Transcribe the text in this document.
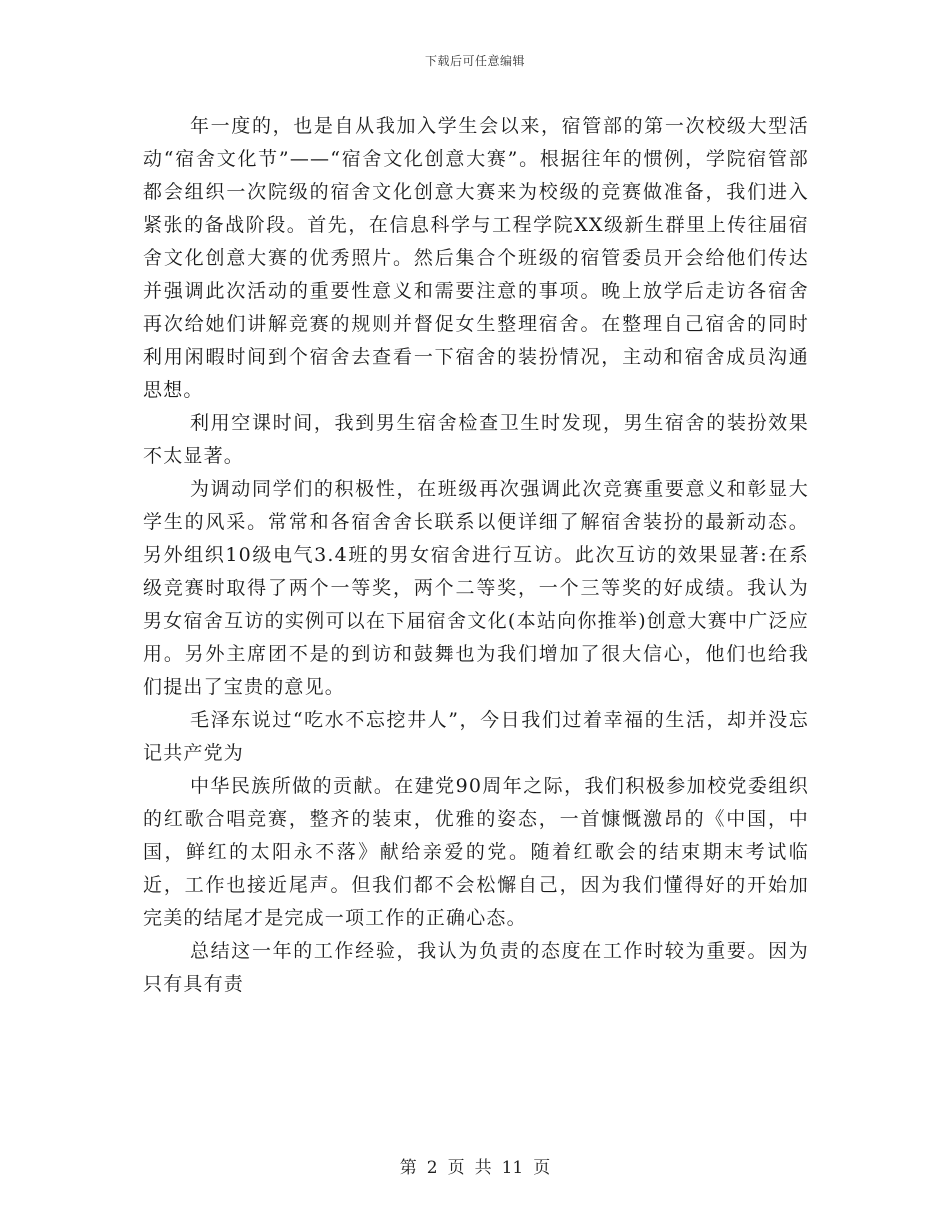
下载后可任意编辑

年一度的，也是自从我加入学生会以来，宿管部的第一次校级大型活动“宿舍文化节”——“宿舍文化创意大赛”。根据往年的惯例，学院宿管部都会组织一次院级的宿舍文化创意大赛来为校级的竞赛做准备，我们进入紧张的备战阶段。首先，在信息科学与工程学院XX级新生群里上传往届宿舍文化创意大赛的优秀照片。然后集合个班级的宿管委员开会给他们传达并强调此次活动的重要性意义和需要注意的事项。晚上放学后走访各宿舍再次给她们讲解竞赛的规则并督促女生整理宿舍。在整理自己宿舍的同时利用闲暇时间到个宿舍去查看一下宿舍的装扮情况，主动和宿舍成员沟通思想。

利用空课时间，我到男生宿舍检查卫生时发现，男生宿舍的装扮效果不太显著。

为调动同学们的积极性，在班级再次强调此次竞赛重要意义和彰显大学生的风采。常常和各宿舍舍长联系以便详细了解宿舍装扮的最新动态。另外组织10级电气3.4班的男女宿舍进行互访。此次互访的效果显著:在系级竞赛时取得了两个一等奖，两个二等奖，一个三等奖的好成绩。我认为男女宿舍互访的实例可以在下届宿舍文化(本站向你推举)创意大赛中广泛应用。另外主席团不是的到访和鼓舞也为我们增加了很大信心，他们也给我们提出了宝贵的意见。

毛泽东说过“吃水不忘挖井人”，今日我们过着幸福的生活，却并没忘记共产党为

中华民族所做的贡献。在建党90周年之际，我们积极参加校党委组织的红歌合唱竞赛，整齐的装束，优雅的姿态，一首慷慨激昂的《中国，中国，鲜红的太阳永不落》献给亲爱的党。随着红歌会的结束期末考试临近，工作也接近尾声。但我们都不会松懈自己，因为我们懂得好的开始加完美的结尾才是完成一项工作的正确心态。

总结这一年的工作经验，我认为负责的态度在工作时较为重要。因为只有具有责

第 2 页 共 11 页
